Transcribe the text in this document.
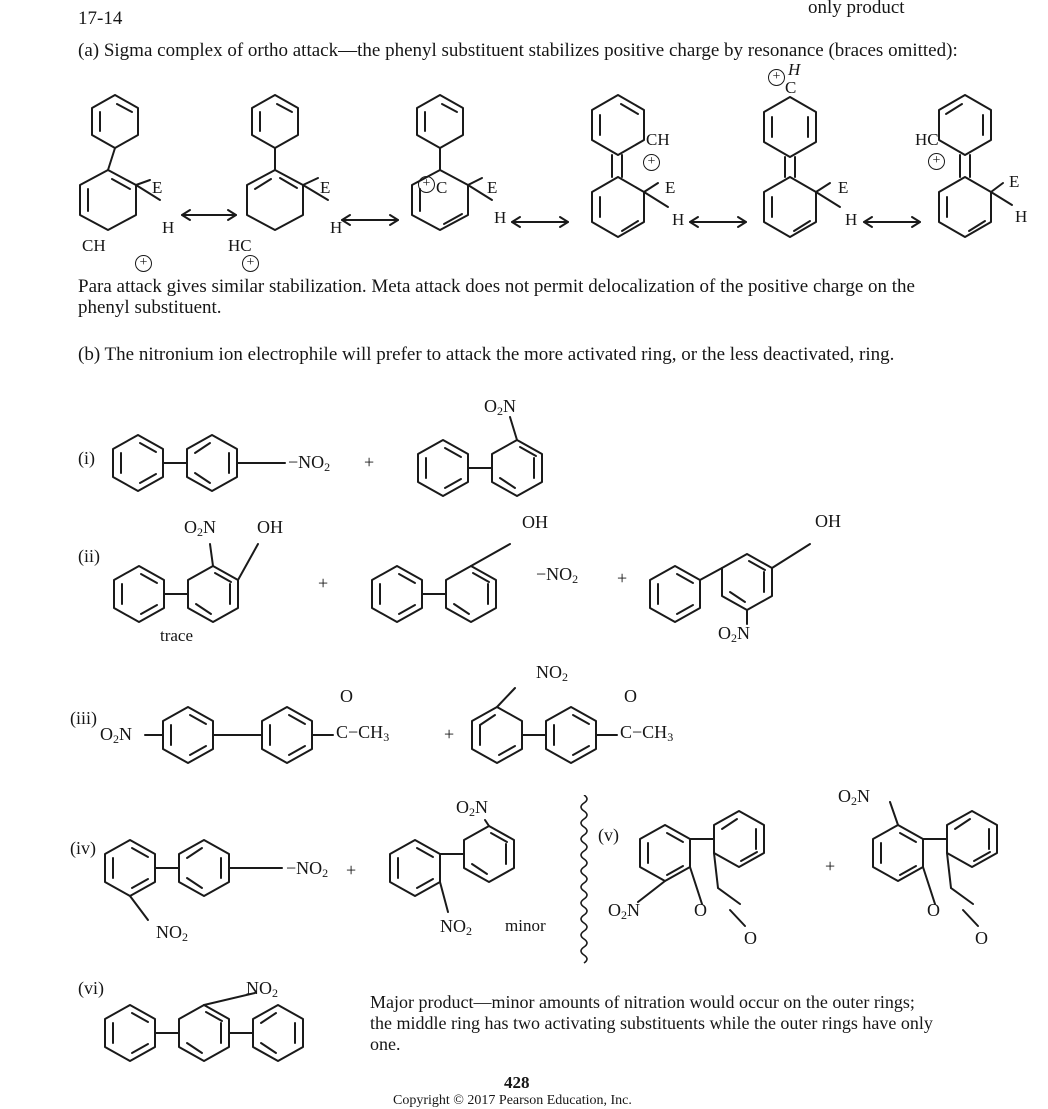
17-14
only product
(a) Sigma complex of ortho attack—the phenyl substituent stabilizes positive charge by resonance (braces omitted):
E
H
CH
+
E
H
HC
+
+ C E
H
CH
+
E
H
+ H
C
E
H
HC
+
E
H
Para attack gives similar stabilization. Meta attack does not permit delocalization of the positive charge on the phenyl substituent.
(b) The nitronium ion electrophile will prefer to attack the more activated ring, or the less deactivated, ring.
(i)	$-NO_2$ +
$O_2N$
(ii)
$O_2N$ OH
trace
+
OH
$-NO_2$ +
OH
$O_2N$
(iii)
$O_2N$
O
$C-CH_3$	+
$NO_2$
O
$C-CH_3$
(iv)
$NO_2$
$-NO_2$ +
$O_2N$
$NO_2$ minor
(v)
$O_2N$	O
O
+
$O_2N$
O
O
(vi)	$NO_2$	Major product—minor amounts of nitration would occur on the outer rings; the middle ring has two activating substituents while the outer rings have only one.
428
Copyright © 2017 Pearson Education, Inc.
